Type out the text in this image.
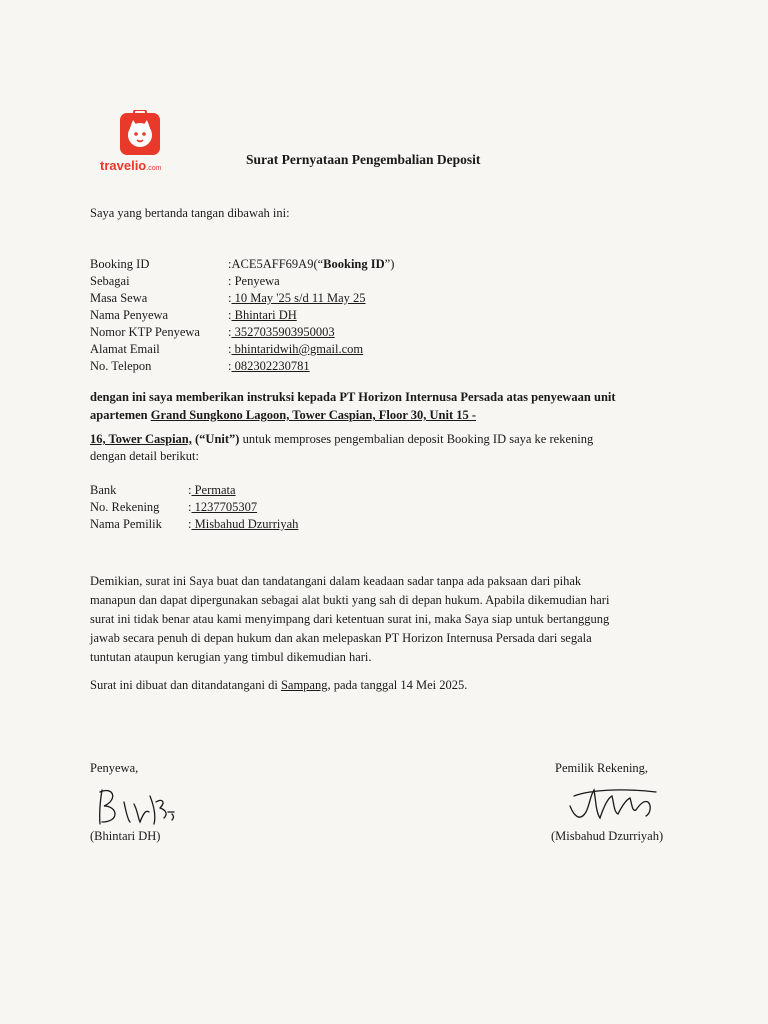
travelio.com
Surat Pernyataan Pengembalian Deposit
Saya yang bertanda tangan dibawah ini:
Booking ID	:ACE5AFF69A9(“Booking ID”)
Sebagai	: Penyewa
Masa Sewa	: 10 May '25 s/d 11 May 25
Nama Penyewa	: Bhintari DH
Nomor KTP Penyewa : 3527035903950003
Alamat Email	: bhintaridwih@gmail.com
No. Telepon	: 082302230781
dengan ini saya memberikan instruksi kepada PT Horizon Internusa Persada atas penyewaan unit
apartemen Grand Sungkono Lagoon, Tower Caspian, Floor 30, Unit 15 -
16, Tower Caspian, (“Unit”) untuk memproses pengembalian deposit Booking ID saya ke rekening
dengan detail berikut:
Bank	: Permata
No. Rekening : 1237705307
Nama Pemilik : Misbahud Dzurriyah
Demikian, surat ini Saya buat dan tandatangani dalam keadaan sadar tanpa ada paksaan dari pihak
manapun dan dapat dipergunakan sebagai alat bukti yang sah di depan hukum. Apabila dikemudian hari
surat ini tidak benar atau kami menyimpang dari ketentuan surat ini, maka Saya siap untuk bertanggung
jawab secara penuh di depan hukum dan akan melepaskan PT Horizon Internusa Persada dari segala
tuntutan ataupun kerugian yang timbul dikemudian hari.
Surat ini dibuat dan ditandatangani di Sampang, pada tanggal 14 Mei 2025.
Penyewa,
(Bhintari DH)
Pemilik Rekening,
(Misbahud Dzurriyah)
